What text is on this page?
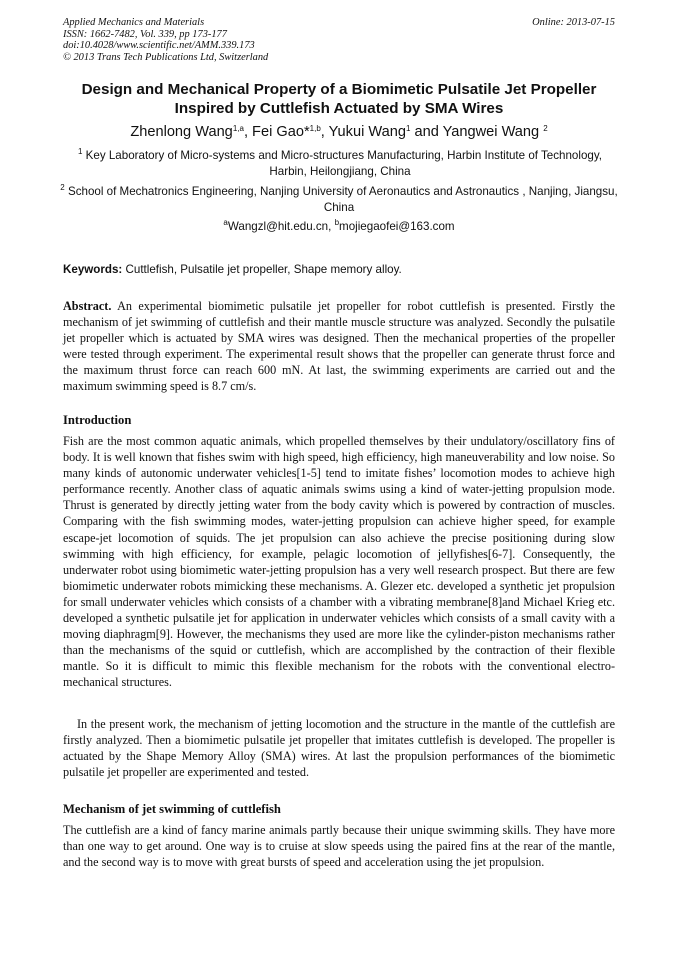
Applied Mechanics and Materials
ISSN: 1662-7482, Vol. 339, pp 173-177
doi:10.4028/www.scientific.net/AMM.339.173
© 2013 Trans Tech Publications Ltd, Switzerland
Online: 2013-07-15
Design and Mechanical Property of a Biomimetic Pulsatile Jet Propeller
Inspired by Cuttlefish Actuated by SMA Wires
Zhenlong Wang$^{1,a}$, Fei Gao*$^{1,b}$, Yukui Wang$^1$ and Yangwei Wang $^2$
$^1$ Key Laboratory of Micro-systems and Micro-structures Manufacturing, Harbin Institute of Technology, Harbin, Heilongjiang, China
$^2$ School of Mechatronics Engineering, Nanjing University of Aeronautics and Astronautics , Nanjing, Jiangsu, China
$^a$Wangzl@hit.edu.cn, $^b$mojiegaofei@163.com
Keywords: Cuttlefish, Pulsatile jet propeller, Shape memory alloy.
Abstract. An experimental biomimetic pulsatile jet propeller for robot cuttlefish is presented. Firstly the mechanism of jet swimming of cuttlefish and their mantle muscle structure was analyzed. Secondly the pulsatile jet propeller which is actuated by SMA wires was designed. Then the mechanical properties of the propeller were tested through experiment. The experimental result shows that the propeller can generate thrust force and the maximum thrust force can reach 600 mN. At last, the swimming experiments are carried out and the maximum swimming speed is 8.7 cm/s.
Introduction

Fish are the most common aquatic animals, which propelled themselves by their undulatory/oscillatory fins of body. It is well known that fishes swim with high speed, high efficiency, high maneuverability and low noise. So many kinds of autonomic underwater vehicles[1-5] tend to imitate fishes’ locomotion modes to achieve high performance recently. Another class of aquatic animals swims using a kind of water-jetting propulsion mode. Thrust is generated by directly jetting water from the body cavity which is powered by contraction of muscles. Comparing with the fish swimming modes, water-jetting propulsion can achieve higher speed, for example escape-jet locomotion of squids. The jet propulsion can also achieve the precise positioning during slow swimming with high efficiency, for example, pelagic locomotion of jellyfishes[6-7]. Consequently, the underwater robot using biomimetic water-jetting propulsion has a very well research prospect. But there are few biomimetic underwater robots mimicking these mechanisms. A. Glezer etc. developed a synthetic jet propulsion for small underwater vehicles which consists of a chamber with a vibrating membrane[8]and Michael Krieg etc. developed a synthetic pulsatile jet for application in underwater vehicles which consists of a small cavity with a moving diaphragm[9]. However, the mechanisms they used are more like the cylinder-piston mechanisms rather than the mechanisms of the squid or cuttlefish, which are accomplished by the contraction of their flexible mantle. So it is difficult to mimic this flexible mechanism for the robots with the conventional electro-mechanical structures.

In the present work, the mechanism of jetting locomotion and the structure in the mantle of the cuttlefish are firstly analyzed. Then a biomimetic pulsatile jet propeller that imitates cuttlefish is developed. The propeller is actuated by the Shape Memory Alloy (SMA) wires. At last the propulsion performances of the biomimetic pulsatile jet propeller are experimented and tested.

Mechanism of jet swimming of cuttlefish

The cuttlefish are a kind of fancy marine animals partly because their unique swimming skills. They have more than one way to get around. One way is to cruise at slow speeds using the paired fins at the rear of the mantle, and the second way is to move with great bursts of speed and acceleration using the jet propulsion.
